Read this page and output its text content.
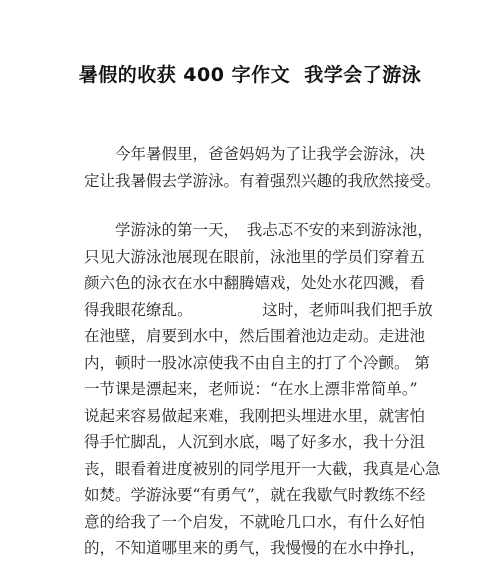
暑假的收获 400 字作文  我学会了游泳
　　今年暑假里，爸爸妈妈为了让我学会游泳，决
定让我暑假去学游泳。有着强烈兴趣的我欣然接受。
　　学游泳的第一天，　我忐忑不安的来到游泳池，
只见大游泳池展现在眼前，泳池里的学员们穿着五
颜六色的泳衣在水中翻腾嬉戏，处处水花四溅，看
得我眼花缭乱。　　　　　这时，老师叫我们把手放
在池壁，肩要到水中，然后围着池边走动。走进池
内，顿时一股冰凉使我不由自主的打了个冷颤。 第
一节课是漂起来，老师说：“在水上漂非常简单。”
说起来容易做起来难，我刚把头埋进水里，就害怕
得手忙脚乱，人沉到水底，喝了好多水，我十分沮
丧，眼看着进度被别的同学甩开一大截，我真是心急
如焚。学游泳要“有勇气”，就在我歇气时教练不经
意的给我了一个启发，不就呛几口水，有什么好怕
的，不知道哪里来的勇气，我慢慢的在水中挣扎，
